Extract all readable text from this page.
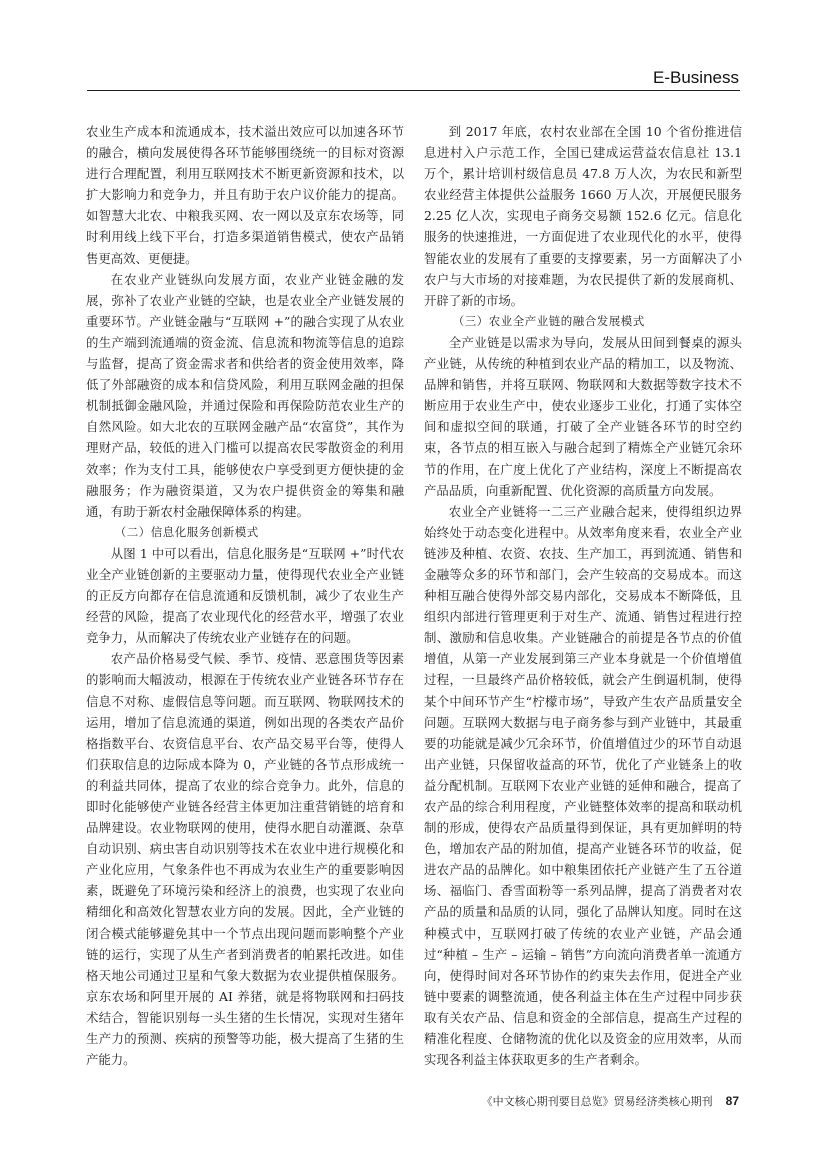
E-Business

农业生产成本和流通成本，技术溢出效应可以加速各环节的融合，横向发展使得各环节能够围绕统一的目标对资源进行合理配置，利用互联网技术不断更新资源和技术，以扩大影响力和竞争力，并且有助于农户议价能力的提高。如智慧大北农、中粮我买网、农一网以及京东农场等，同时利用线上线下平台，打造多渠道销售模式，使农产品销售更高效、更便捷。

在农业产业链纵向发展方面，农业产业链金融的发展，弥补了农业产业链的空缺，也是农业全产业链发展的重要环节。产业链金融与“互联网 +”的融合实现了从农业的生产端到流通端的资金流、信息流和物流等信息的追踪与监督，提高了资金需求者和供给者的资金使用效率，降低了外部融资的成本和信贷风险，利用互联网金融的担保机制抵御金融风险，并通过保险和再保险防范农业生产的自然风险。如大北农的互联网金融产品“农富贷”，其作为理财产品，较低的进入门槛可以提高农民零散资金的利用效率；作为支付工具，能够使农户享受到更方便快捷的金融服务；作为融资渠道，又为农户提供资金的筹集和融通，有助于新农村金融保障体系的构建。

（二）信息化服务创新模式

从图 1 中可以看出，信息化服务是“互联网 +”时代农业全产业链创新的主要驱动力量，使得现代农业全产业链的正反方向都存在信息流通和反馈机制，减少了农业生产经营的风险，提高了农业现代化的经营水平，增强了农业竞争力，从而解决了传统农业产业链存在的问题。

农产品价格易受气候、季节、疫情、恶意围货等因素的影响而大幅波动，根源在于传统农业产业链各环节存在信息不对称、虚假信息等问题。而互联网、物联网技术的运用，增加了信息流通的渠道，例如出现的各类农产品价格指数平台、农资信息平台、农产品交易平台等，使得人们获取信息的边际成本降为 0，产业链的各节点形成统一的利益共同体，提高了农业的综合竞争力。此外，信息的即时化能够使产业链各经营主体更加注重营销链的培育和品牌建设。农业物联网的使用，使得水肥自动灌溉、杂草自动识别、病虫害自动识别等技术在农业中进行规模化和产业化应用，气象条件也不再成为农业生产的重要影响因素，既避免了环境污染和经济上的浪费，也实现了农业向精细化和高效化智慧农业方向的发展。因此，全产业链的闭合模式能够避免其中一个节点出现问题而影响整个产业链的运行，实现了从生产者到消费者的帕累托改进。如佳格天地公司通过卫星和气象大数据为农业提供植保服务。京东农场和阿里开展的 AI 养猪，就是将物联网和扫码技术结合，智能识别每一头生猪的生长情况，实现对生猪年生产力的预测、疾病的预警等功能，极大提高了生猪的生产能力。

到 2017 年底，农村农业部在全国 10 个省份推进信息进村入户示范工作，全国已建成运营益农信息社 13.1 万个，累计培训村级信息员 47.8 万人次，为农民和新型农业经营主体提供公益服务 1660 万人次，开展便民服务 2.25 亿人次，实现电子商务交易额 152.6 亿元。信息化服务的快速推进，一方面促进了农业现代化的水平，使得智能农业的发展有了重要的支撑要素，另一方面解决了小农户与大市场的对接难题，为农民提供了新的发展商机、开辟了新的市场。

（三）农业全产业链的融合发展模式

全产业链是以需求为导向，发展从田间到餐桌的源头产业链，从传统的种植到农业产品的精加工，以及物流、品牌和销售，并将互联网、物联网和大数据等数字技术不断应用于农业生产中，使农业逐步工业化，打通了实体空间和虚拟空间的联通，打破了全产业链各环节的时空约束，各节点的相互嵌入与融合起到了精炼全产业链冗余环节的作用，在广度上优化了产业结构，深度上不断提高农产品品质，向重新配置、优化资源的高质量方向发展。

农业全产业链将一二三产业融合起来，使得组织边界始终处于动态变化进程中。从效率角度来看，农业全产业链涉及种植、农资、农技、生产加工，再到流通、销售和金融等众多的环节和部门，会产生较高的交易成本。而这种相互融合使得外部交易内部化，交易成本不断降低，且组织内部进行管理更利于对生产、流通、销售过程进行控制、激励和信息收集。产业链融合的前提是各节点的价值增值，从第一产业发展到第三产业本身就是一个价值增值过程，一旦最终产品价格较低，就会产生倒逼机制，使得某个中间环节产生“柠檬市场”，导致产生农产品质量安全问题。互联网大数据与电子商务参与到产业链中，其最重要的功能就是减少冗余环节，价值增值过少的环节自动退出产业链，只保留收益高的环节，优化了产业链条上的收益分配机制。互联网下农业产业链的延伸和融合，提高了农产品的综合利用程度，产业链整体效率的提高和联动机制的形成，使得农产品质量得到保证，具有更加鲜明的特色，增加农产品的附加值，提高产业链各环节的收益，促进农产品的品牌化。如中粮集团依托产业链产生了五谷道场、福临门、香雪面粉等一系列品牌，提高了消费者对农产品的质量和品质的认同，强化了品牌认知度。同时在这种模式中，互联网打破了传统的农业产业链，产品会通过“种植 – 生产 – 运输 – 销售”方向流向消费者单一流通方向，使得时间对各环节协作的约束失去作用，促进全产业链中要素的调整流通，使各利益主体在生产过程中同步获取有关农产品、信息和资金的全部信息，提高生产过程的精准化程度、仓储物流的优化以及资金的应用效率，从而实现各利益主体获取更多的生产者剩余。

《中文核心期刊要目总览》贸易经济类核心期刊 87
